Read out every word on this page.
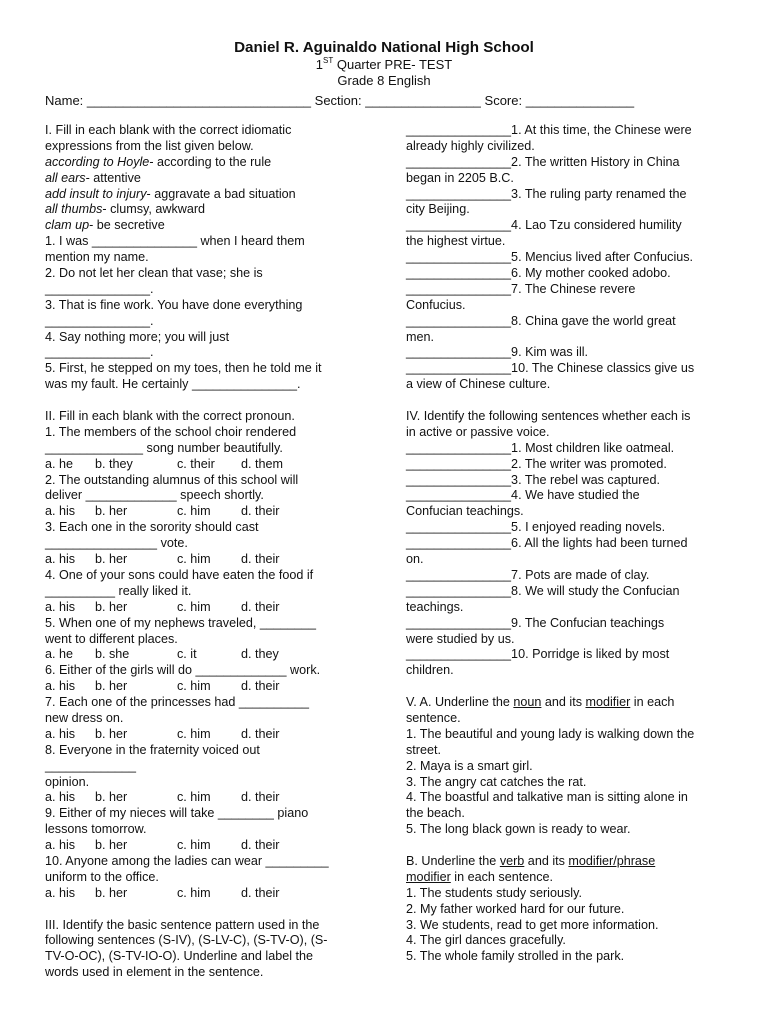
Daniel R. Aguinaldo National High School
1ST Quarter PRE- TEST
Grade 8 English
Name: _______________________________ Section: ________________ Score: _______________
I. Fill in each blank with the correct idiomatic
expressions from the list given below.
according to Hoyle- according to the rule
all ears- attentive
add insult to injury- aggravate a bad situation
all thumbs- clumsy, awkward
clam up- be secretive
1. I was _______________ when I heard them
mention my name.
2. Do not let her clean that vase; she is
_______________.
3. That is fine work. You have done everything
_______________.
4. Say nothing more; you will just
_______________.
5. First, he stepped on my toes, then he told me it
was my fault. He certainly _______________.
II. Fill in each blank with the correct pronoun.
1. The members of the school choir rendered
______________ song number beautifully.
a. he	b. they	c. their	d. them
2. The outstanding alumnus of this school will
deliver _____________ speech shortly.
a. his	b. her	c. him	d. their
3. Each one in the sorority should cast
________________ vote.
a. his	b. her	c. him	d. their
4. One of your sons could have eaten the food if
__________ really liked it.
a. his	b. her	c. him	d. their
5. When one of my nephews traveled, ________
went to different places.
a. he	b. she	c. it	d. they
6. Either of the girls will do _____________ work.
a. his	b. her	c. him	d. their
7. Each one of the princesses had __________
new dress on.
a. his	b. her	c. him	d. their
8. Everyone in the fraternity voiced out
_____________
opinion.
a. his	b. her	c. him	d. their
9. Either of my nieces will take ________ piano
lessons tomorrow.
a. his	b. her	c. him	d. their
10. Anyone among the ladies can wear _________
uniform to the office.
a. his	b. her	c. him	d. their
III. Identify the basic sentence pattern used in the
following sentences (S-IV), (S-LV-C), (S-TV-O), (S-
TV-O-OC), (S-TV-IO-O). Underline and label the
words used in element in the sentence.
_______________1. At this time, the Chinese were
already highly civilized.
_______________2. The written History in China
began in 2205 B.C.
_______________3. The ruling party renamed the
city Beijing.
_______________4. Lao Tzu considered humility
the highest virtue.
_______________5. Mencius lived after Confucius.
_______________6. My mother cooked adobo.
_______________7. The Chinese revere
Confucius.
_______________8. China gave the world great
men.
_______________9. Kim was ill.
_______________10. The Chinese classics give us
a view of Chinese culture.
IV. Identify the following sentences whether each is
in active or passive voice.
_______________1. Most children like oatmeal.
_______________2. The writer was promoted.
_______________3. The rebel was captured.
_______________4. We have studied the
Confucian teachings.
_______________5. I enjoyed reading novels.
_______________6. All the lights had been turned
on.
_______________7. Pots are made of clay.
_______________8. We will study the Confucian
teachings.
_______________9. The Confucian teachings
were studied by us.
_______________10. Porridge is liked by most
children.
V. A. Underline the noun and its modifier in each
sentence.
1. The beautiful and young lady is walking down the
street.
2. Maya is a smart girl.
3. The angry cat catches the rat.
4. The boastful and talkative man is sitting alone in
the beach.
5. The long black gown is ready to wear.
B. Underline the verb and its modifier/phrase
modifier in each sentence.
1. The students study seriously.
2. My father worked hard for our future.
3. We students, read to get more information.
4. The girl dances gracefully.
5. The whole family strolled in the park.
